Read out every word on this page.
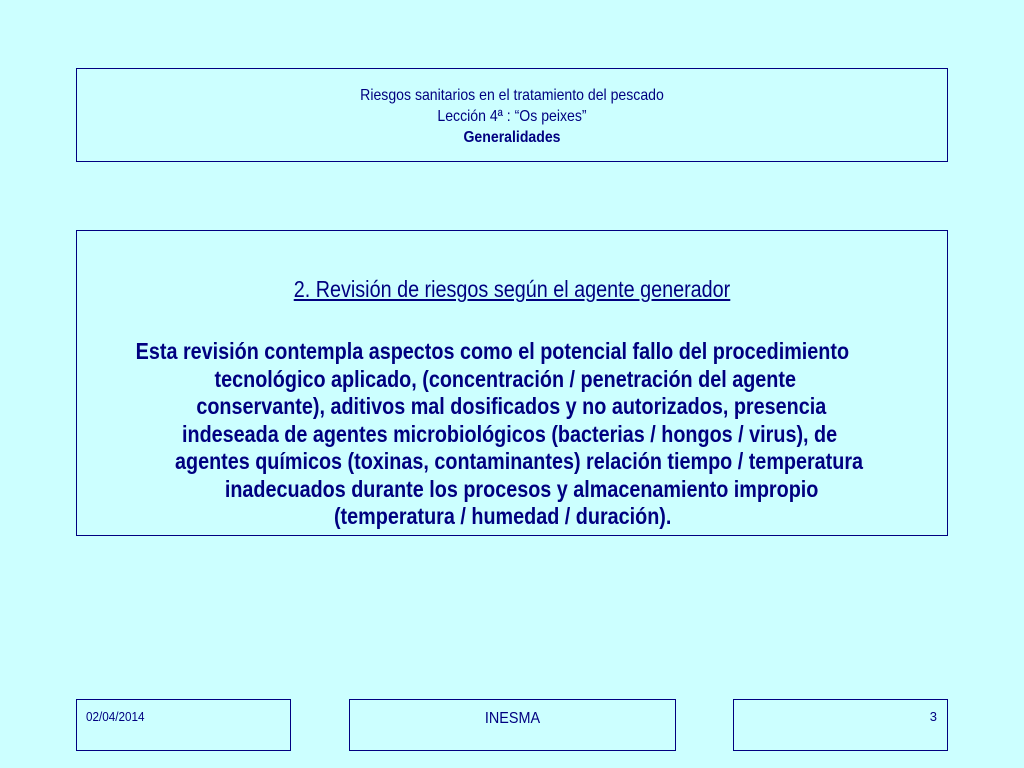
Riesgos sanitarios en el tratamiento del pescado
Lección 4ª : “Os peixes”
Generalidades
2. Revisión de riesgos según el agente generador
Esta revisión contempla aspectos como el potencial fallo del procedimiento
tecnológico aplicado, (concentración / penetración del agente
conservante), aditivos mal dosificados y no autorizados, presencia
indeseada de agentes microbiológicos (bacterias / hongos / virus), de
agentes químicos (toxinas, contaminantes) relación tiempo / temperatura
inadecuados durante los procesos y almacenamiento impropio
(temperatura / humedad / duración).
02/04/2014	INESMA	3
